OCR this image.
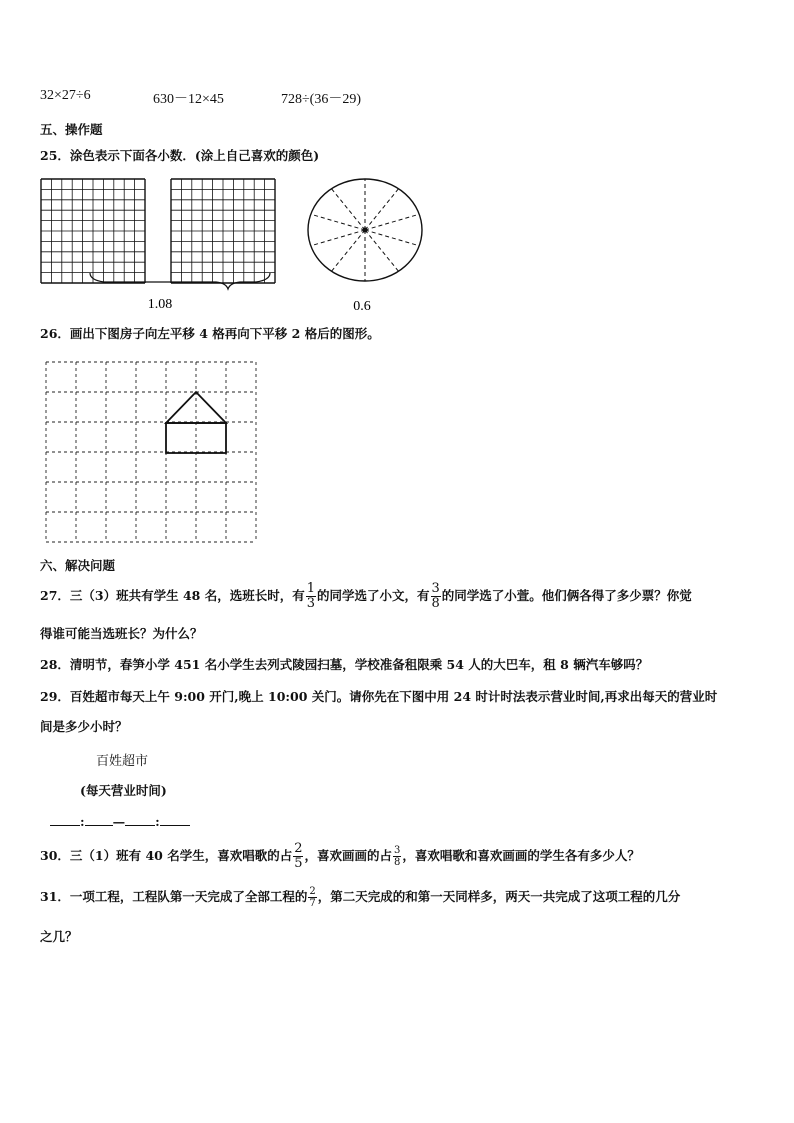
32×27÷6	630－12×45	728÷(36－29)
五、操作题
25．涂色表示下面各小数．(涂上自己喜欢的颜色)
1.08	0.6
26．画出下图房子向左平移 4 格再向下平移 2 格后的图形。
六、解决问题
27．三（3）班共有学生 48 名，选班长时，有 $\frac{1}{3}$ 的同学选了小文，有 $\frac{3}{8}$ 的同学选了小萱。他们俩各得了多少票？你觉
得谁可能当选班长？为什么？
28．清明节，春笋小学 451 名小学生去列式陵园扫墓，学校准备租限乘 54 人的大巴车，租 8 辆汽车够吗？
29．百姓超市每天上午 9:00 开门,晚上 10:00 关门。请你先在下图中用 24 时计时法表示营业时间,再求出每天的营业时
间是多少小时？
百姓超市
(每天营业时间)
: — :
30．三（1）班有 40 名学生，喜欢唱歌的占 $\frac{2}{5}$ ，喜欢画画的占 $\frac{3}{8}$ ，喜欢唱歌和喜欢画画的学生各有多少人？
31．一项工程，工程队第一天完成了全部工程的 $\frac{2}{7}$ ，第二天完成的和第一天同样多，两天一共完成了这项工程的几分
之几？
